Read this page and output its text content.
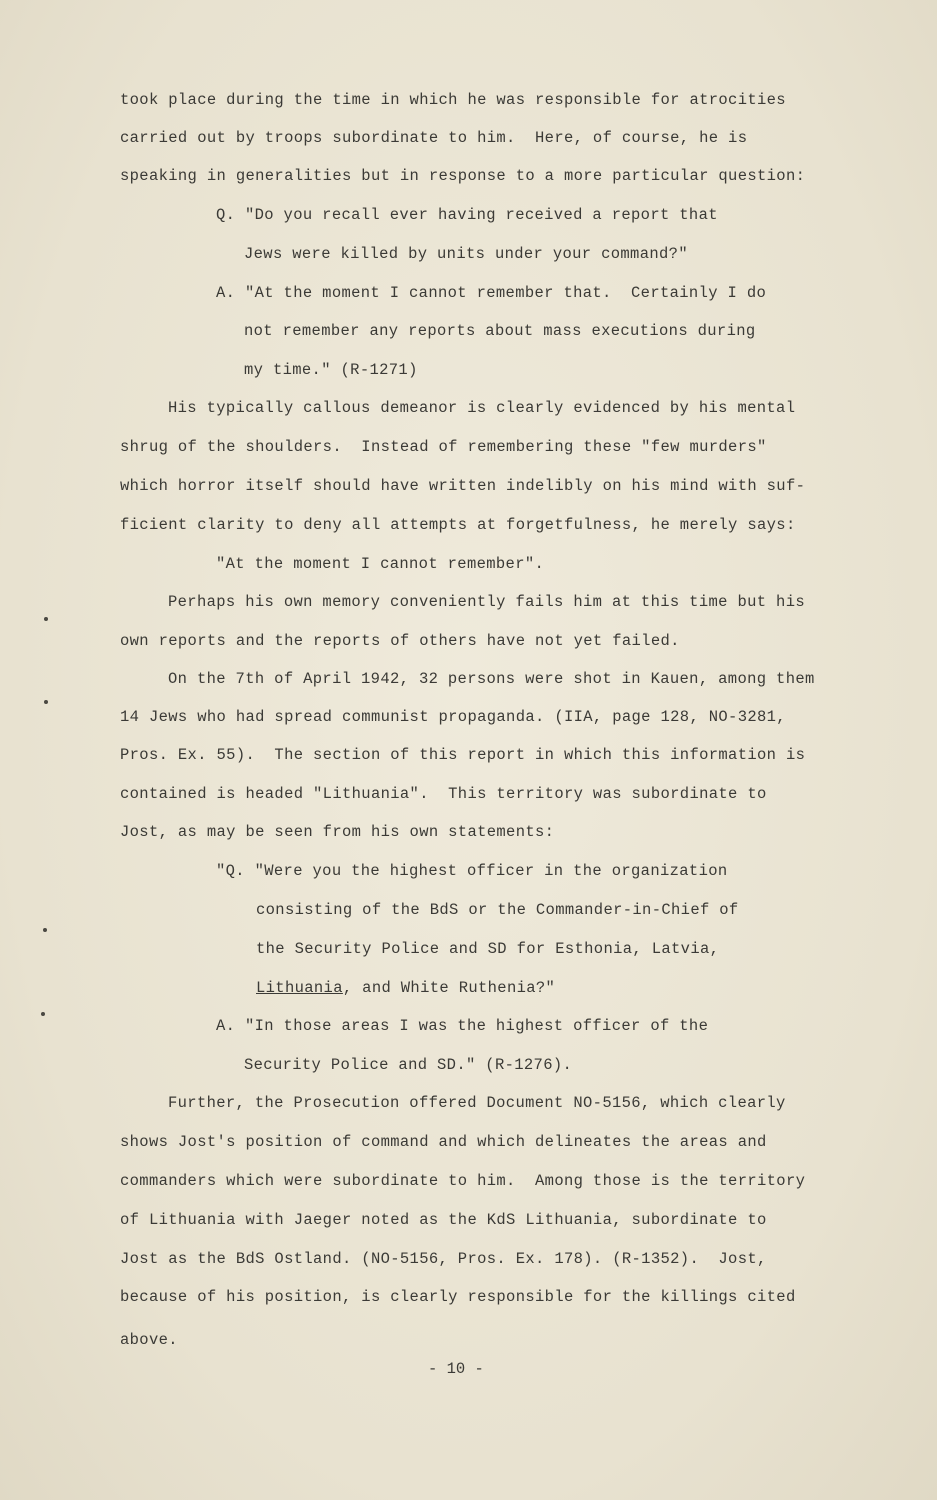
took place during the time in which he was responsible for atrocities
carried out by troops subordinate to him.  Here, of course, he is
speaking in generalities but in response to a more particular question:
Q. "Do you recall ever having received a report that
Jews were killed by units under your command?"
A. "At the moment I cannot remember that.  Certainly I do
not remember any reports about mass executions during
my time." (R-1271)
His typically callous demeanor is clearly evidenced by his mental
shrug of the shoulders.  Instead of remembering these "few murders"
which horror itself should have written indelibly on his mind with suf-
ficient clarity to deny all attempts at forgetfulness, he merely says:
"At the moment I cannot remember".
Perhaps his own memory conveniently fails him at this time but his
own reports and the reports of others have not yet failed.
On the 7th of April 1942, 32 persons were shot in Kauen, among them
14 Jews who had spread communist propaganda. (IIA, page 128, NO-3281,
Pros. Ex. 55).  The section of this report in which this information is
contained is headed "Lithuania".  This territory was subordinate to
Jost, as may be seen from his own statements:
"Q. "Were you the highest officer in the organization
consisting of the BdS or the Commander-in-Chief of
the Security Police and SD for Esthonia, Latvia,
Lithuania, and White Ruthenia?"
A. "In those areas I was the highest officer of the
Security Police and SD." (R-1276).
Further, the Prosecution offered Document NO-5156, which clearly
shows Jost's position of command and which delineates the areas and
commanders which were subordinate to him.  Among those is the territory
of Lithuania with Jaeger noted as the KdS Lithuania, subordinate to
Jost as the BdS Ostland. (NO-5156, Pros. Ex. 178). (R-1352).  Jost,
because of his position, is clearly responsible for the killings cited
above.
- 10 -
